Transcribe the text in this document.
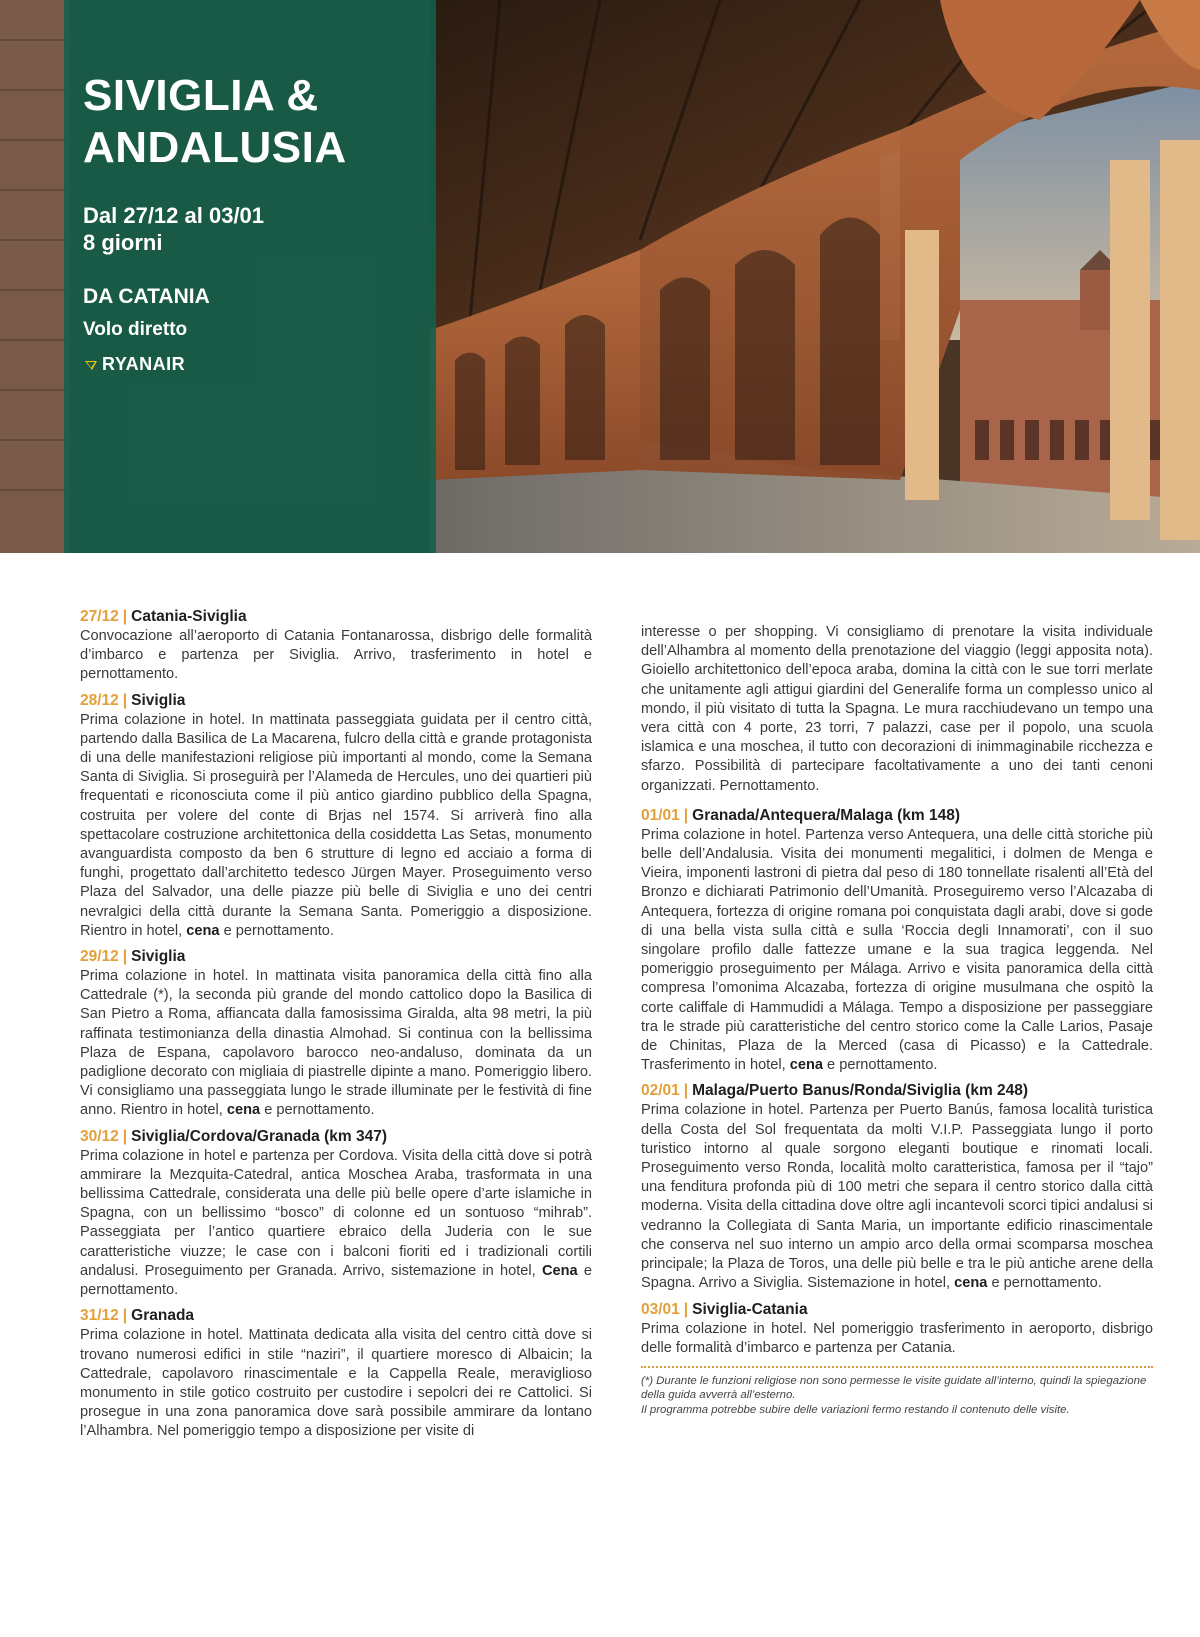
SIVIGLIA &
ANDALUSIA
Dal 27/12 al 03/01
8 giorni
DA CATANIA
Volo diretto
RYANAIR
27/12 | Catania-Siviglia

Convocazione all’aeroporto di Catania Fontanarossa, disbrigo delle formalità d’imbarco e partenza per Siviglia. Arrivo, trasferimento in hotel e pernottamento.

28/12 | Siviglia

Prima colazione in hotel. In mattinata passeggiata guidata per il centro città, partendo dalla Basilica de La Macarena, fulcro della città e grande protagonista di una delle manifestazioni religiose più importanti al mondo, come la Semana Santa di Siviglia. Si proseguirà per l’Alameda de Hercules, uno dei quartieri più frequentati e riconosciuta come il più antico giardino pubblico della Spagna, costruita per volere del conte di Brjas nel 1574. Si arriverà fino alla spettacolare costruzione architettonica della cosiddetta Las Setas, monumento avanguardista composto da ben 6 strutture di legno ed acciaio a forma di funghi, progettato dall’architetto tedesco Jürgen Mayer. Proseguimento verso Plaza del Salvador, una delle piazze più belle di Siviglia e uno dei centri nevralgici della città durante la Semana Santa. Pomeriggio a disposizione. Rientro in hotel, cena e pernottamento.

29/12 | Siviglia

Prima colazione in hotel. In mattinata visita panoramica della città fino alla Cattedrale (*), la seconda più grande del mondo cattolico dopo la Basilica di San Pietro a Roma, affiancata dalla famosissima Giralda, alta 98 metri, la più raffinata testimonianza della dinastia Almohad. Si continua con la bellissima Plaza de Espana, capolavoro barocco neo-andaluso, dominata da un padiglione decorato con migliaia di piastrelle dipinte a mano. Pomeriggio libero. Vi consigliamo una passeggiata lungo le strade illuminate per le festività di fine anno. Rientro in hotel, cena e pernottamento.

30/12 | Siviglia/Cordova/Granada (km 347)

Prima colazione in hotel e partenza per Cordova. Visita della città dove si potrà ammirare la Mezquita-Catedral, antica Moschea Araba, trasformata in una bellissima Cattedrale, considerata una delle più belle opere d’arte islamiche in Spagna, con un bellissimo “bosco” di colonne ed un sontuoso “mihrab”. Passeggiata per l’antico quartiere ebraico della Juderia con le sue caratteristiche viuzze; le case con i balconi fioriti ed i tradizionali cortili andalusi. Proseguimento per Granada. Arrivo, sistemazione in hotel, Cena e pernottamento.

31/12 | Granada

Prima colazione in hotel. Mattinata dedicata alla visita del centro città dove si trovano numerosi edifici in stile “naziri”, il quartiere moresco di Albaicin; la Cattedrale, capolavoro rinascimentale e la Cappella Reale, meraviglioso monumento in stile gotico costruito per custodire i sepolcri dei re Cattolici. Si prosegue in una zona panoramica dove sarà possibile ammirare da lontano l’Alhambra. Nel pomeriggio tempo a disposizione per visite di

interesse o per shopping. Vi consigliamo di prenotare la visita individuale dell’Alhambra al momento della prenotazione del viaggio (leggi apposita nota). Gioiello architettonico dell’epoca araba, domina la città con le sue torri merlate che unitamente agli attigui giardini del Generalife forma un complesso unico al mondo, il più visitato di tutta la Spagna. Le mura racchiudevano un tempo una vera città con 4 porte, 23 torri, 7 palazzi, case per il popolo, una scuola islamica e una moschea, il tutto con decorazioni di inimmaginabile ricchezza e sfarzo. Possibilità di partecipare facoltativamente a uno dei tanti cenoni organizzati. Pernottamento.

01/01 | Granada/Antequera/Malaga (km 148)

Prima colazione in hotel. Partenza verso Antequera, una delle città storiche più belle dell’Andalusia. Visita dei monumenti megalitici, i dolmen de Menga e Vieira, imponenti lastroni di pietra dal peso di 180 tonnellate risalenti all’Età del Bronzo e dichiarati Patrimonio dell’Umanità. Proseguiremo verso l’Alcazaba di Antequera, fortezza di origine romana poi conquistata dagli arabi, dove si gode di una bella vista sulla città e sulla ‘Roccia degli Innamorati’, con il suo singolare profilo dalle fattezze umane e la sua tragica leggenda. Nel pomeriggio proseguimento per Málaga. Arrivo e visita panoramica della città compresa l’omonima Alcazaba, fortezza di origine musulmana che ospitò la corte califfale di Hammudidi a Málaga. Tempo a disposizione per passeggiare tra le strade più caratteristiche del centro storico come la Calle Larios, Pasaje de Chinitas, Plaza de la Merced (casa di Picasso) e la Cattedrale. Trasferimento in hotel, cena e pernottamento.

02/01 | Malaga/Puerto Banus/Ronda/Siviglia (km 248)

Prima colazione in hotel. Partenza per Puerto Banús, famosa località turistica della Costa del Sol frequentata da molti V.I.P. Passeggiata lungo il porto turistico intorno al quale sorgono eleganti boutique e rinomati locali. Proseguimento verso Ronda, località molto caratteristica, famosa per il “tajo” una fenditura profonda più di 100 metri che separa il centro storico dalla città moderna. Visita della cittadina dove oltre agli incantevoli scorci tipici andalusi si vedranno la Collegiata di Santa Maria, un importante edificio rinascimentale che conserva nel suo interno un ampio arco della ormai scomparsa moschea principale; la Plaza de Toros, una delle più belle e tra le più antiche arene della Spagna. Arrivo a Siviglia. Sistemazione in hotel, cena e pernottamento.

03/01 | Siviglia-Catania

Prima colazione in hotel. Nel pomeriggio trasferimento in aeroporto, disbrigo delle formalità d’imbarco e partenza per Catania.

(*) Durante le funzioni religiose non sono permesse le visite guidate all’interno, quindi la spiegazione della guida avverrà all’esterno.

Il programma potrebbe subire delle variazioni fermo restando il contenuto delle visite.
